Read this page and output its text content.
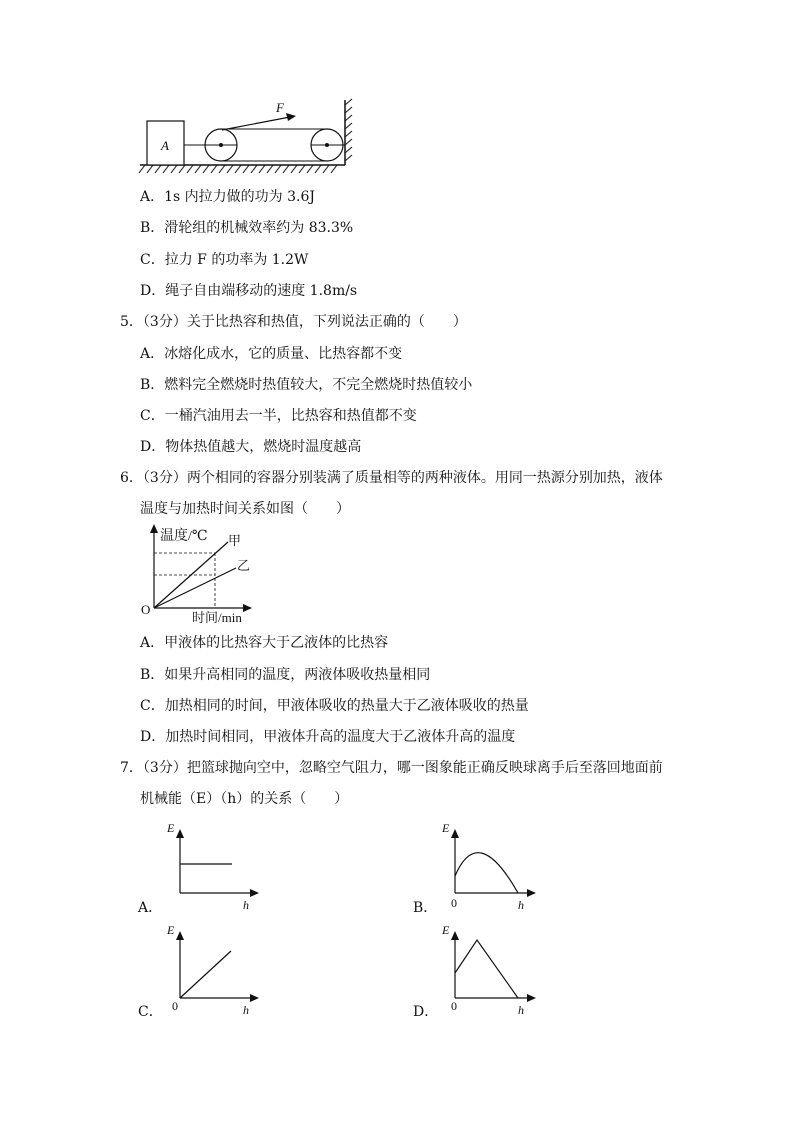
F
A
A．1s 内拉力做的功为 3.6J
B．滑轮组的机械效率约为 83.3%
C．拉力 F 的功率为 1.2W
D．绳子自由端移动的速度 1.8m/s
5．（3分）关于比热容和热值，下列说法正确的（　　）
A．冰熔化成水，它的质量、比热容都不变
B．燃料完全燃烧时热值较大，不完全燃烧时热值较小
C．一桶汽油用去一半，比热容和热值都不变
D．物体热值越大，燃烧时温度越高
6．（3分）两个相同的容器分别装满了质量相等的两种液体。用同一热源分别加热，液体
温度与加热时间关系如图（　　）
温度/℃ 甲
乙
O
时间/min
A．甲液体的比热容大于乙液体的比热容
B．如果升高相同的温度，两液体吸收热量相同
C．加热相同的时间，甲液体吸收的热量大于乙液体吸收的热量
D．加热时间相同，甲液体升高的温度大于乙液体升高的温度
7．（3分）把篮球抛向空中，忽略空气阻力，哪一图象能正确反映球离手后至落回地面前
机械能（E）（h）的关系（　　）
E
h
E
h
0
E
h
0
E
h
0
A．	B．
C．	D．
